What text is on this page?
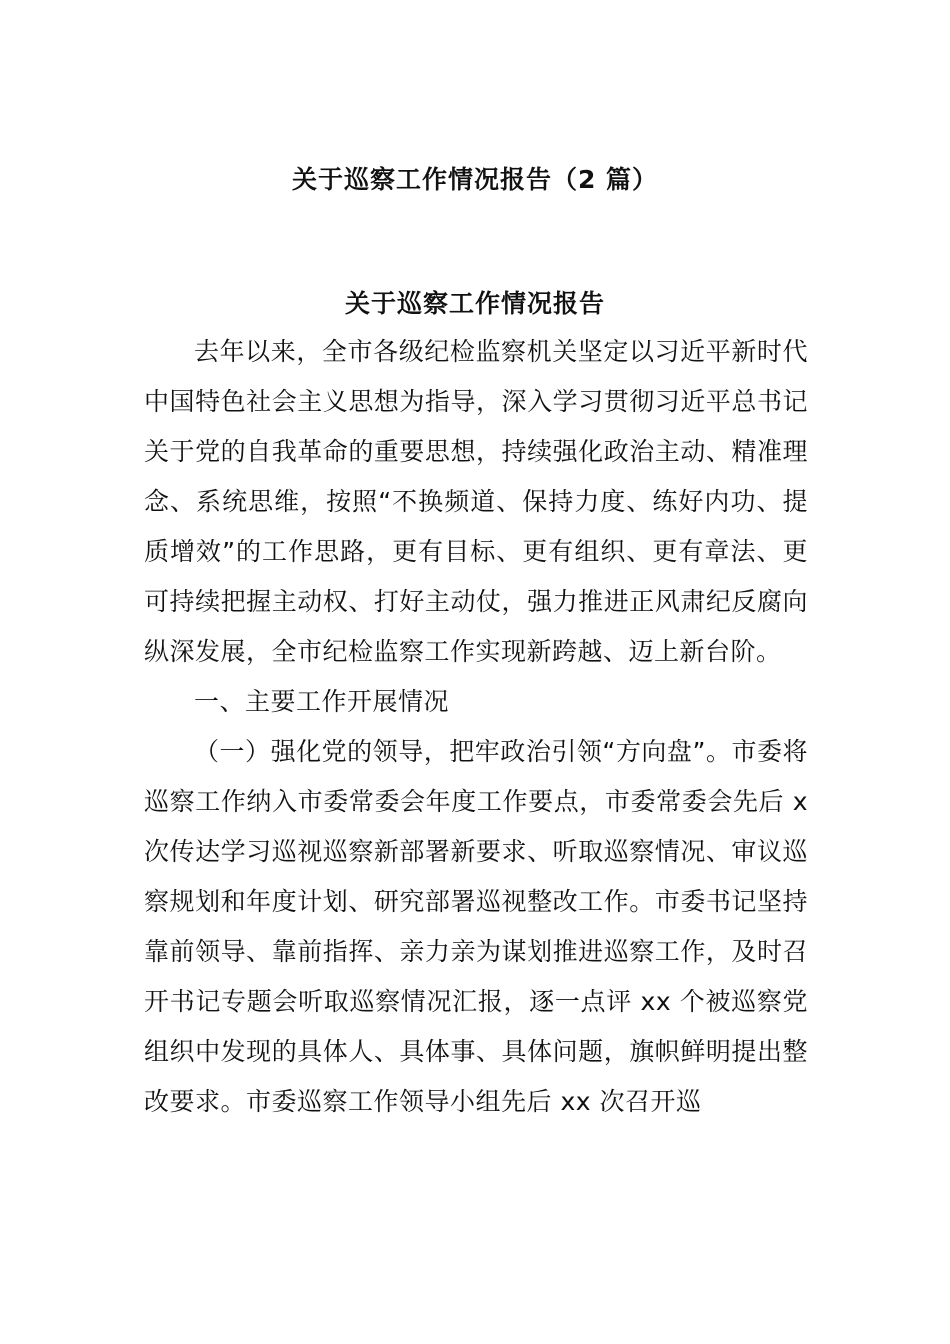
关于巡察工作情况报告（2 篇）
关于巡察工作情况报告

去年以来，全市各级纪检监察机关坚定以习近平新时代中国特色社会主义思想为指导，深入学习贯彻习近平总书记关于党的自我革命的重要思想，持续强化政治主动、精准理念、系统思维，按照“不换频道、保持力度、练好内功、提质增效”的工作思路，更有目标、更有组织、更有章法、更可持续把握主动权、打好主动仗，强力推进正风肃纪反腐向纵深发展，全市纪检监察工作实现新跨越、迈上新台阶。

一、主要工作开展情况

（一）强化党的领导，把牢政治引领“方向盘”。市委将巡察工作纳入市委常委会年度工作要点，市委常委会先后 x 次传达学习巡视巡察新部署新要求、听取巡察情况、审议巡察规划和年度计划、研究部署巡视整改工作。市委书记坚持靠前领导、靠前指挥、亲力亲为谋划推进巡察工作，及时召开书记专题会听取巡察情况汇报，逐一点评 xx 个被巡察党组织中发现的具体人、具体事、具体问题，旗帜鲜明提出整改要求。市委巡察工作领导小组先后 xx 次召开巡
